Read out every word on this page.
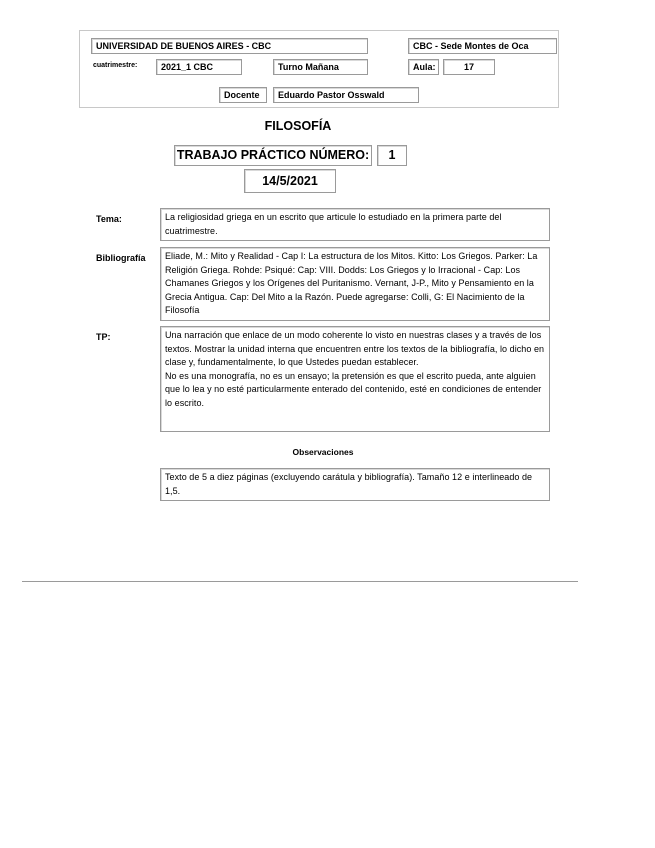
UNIVERSIDAD DE BUENOS AIRES - CBC	CBC - Sede Montes de Oca
cuatrimestre:	2021_1 CBC	Turno Mañana	Aula:	17
Docente	Eduardo Pastor Osswald
FILOSOFÍA
TRABAJO PRÁCTICO NÚMERO:	1
14/5/2021
Tema:	La religiosidad griega en un escrito que articule lo estudiado en la primera parte del cuatrimestre.
Bibliografía	Eliade, M.: Mito y Realidad - Cap I: La estructura de los Mitos. Kitto: Los Griegos. Parker: La Religión Griega. Rohde: Psiqué: Cap: VIII. Dodds: Los Griegos y lo Irracional - Cap: Los Chamanes Griegos y los Orígenes del Puritanismo. Vernant, J-P., Mito y Pensamiento en la Grecia Antigua. Cap: Del Mito a la Razón. Puede agregarse: Colli, G: El Nacimiento de la Filosofía
TP:	Una narración que enlace de un modo coherente lo visto en nuestras clases y a través de los textos. Mostrar la unidad interna que encuentren entre los textos de la bibliografía, lo dicho en clase y, fundamentalmente, lo que Ustedes puedan establecer.
No es una monografía, no es un ensayo; la pretensión es que el escrito pueda, ante alguien que lo lea y no esté particularmente enterado del contenido, esté en condiciones de entender lo escrito.
Observaciones
Texto de 5 a diez páginas (excluyendo carátula y bibliografía). Tamaño 12 e interlineado de 1,5.
